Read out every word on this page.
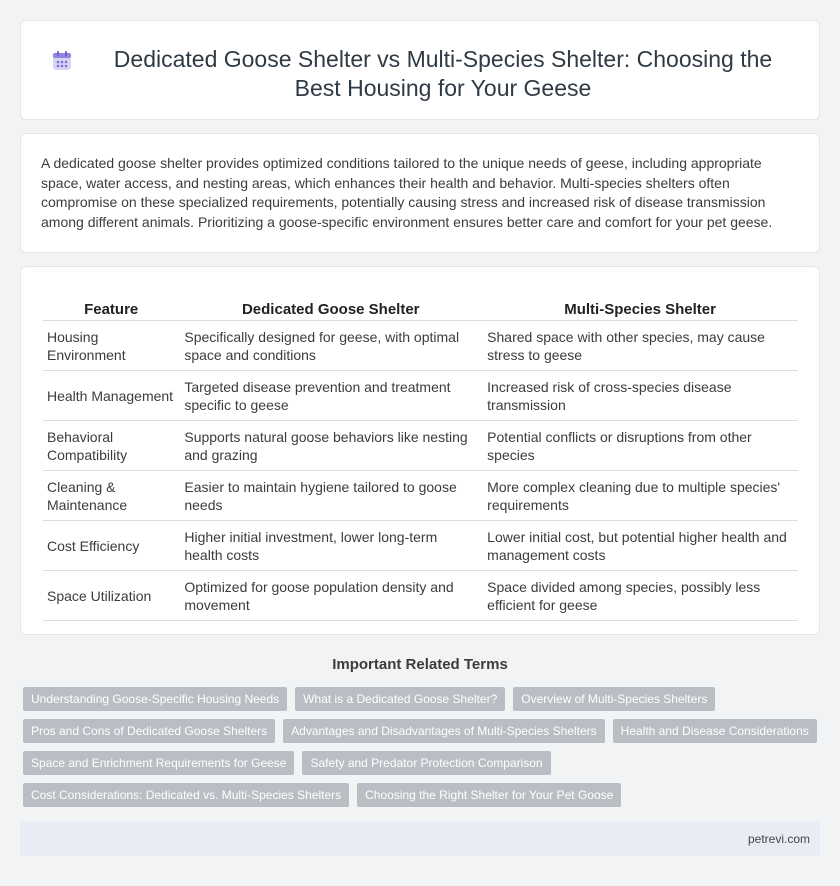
Dedicated Goose Shelter vs Multi-Species Shelter: Choosing the Best Housing for Your Geese

A dedicated goose shelter provides optimized conditions tailored to the unique needs of geese, including appropriate space, water access, and nesting areas, which enhances their health and behavior. Multi-species shelters often compromise on these specialized requirements, potentially causing stress and increased risk of disease transmission among different animals. Prioritizing a goose-specific environment ensures better care and comfort for your pet geese.

Feature	Dedicated Goose Shelter	Multi-Species Shelter
Housing Environment	Specifically designed for geese, with optimal space and conditions	Shared space with other species, may cause stress to geese
Health Management	Targeted disease prevention and treatment specific to geese	Increased risk of cross-species disease transmission
Behavioral Compatibility	Supports natural goose behaviors like nesting and grazing	Potential conflicts or disruptions from other species
Cleaning & Maintenance	Easier to maintain hygiene tailored to goose needs	More complex cleaning due to multiple species' requirements
Cost Efficiency	Higher initial investment, lower long-term health costs	Lower initial cost, but potential higher health and management costs
Space Utilization	Optimized for goose population density and movement	Space divided among species, possibly less efficient for geese
Important Related Terms
Understanding Goose-Specific Housing Needs	What is a Dedicated Goose Shelter?	Overview of Multi-Species Shelters
Pros and Cons of Dedicated Goose Shelters	Advantages and Disadvantages of Multi-Species Shelters	Health and Disease Considerations
Space and Enrichment Requirements for Geese	Safety and Predator Protection Comparison
Cost Considerations: Dedicated vs. Multi-Species Shelters	Choosing the Right Shelter for Your Pet Goose
petrevi.com
